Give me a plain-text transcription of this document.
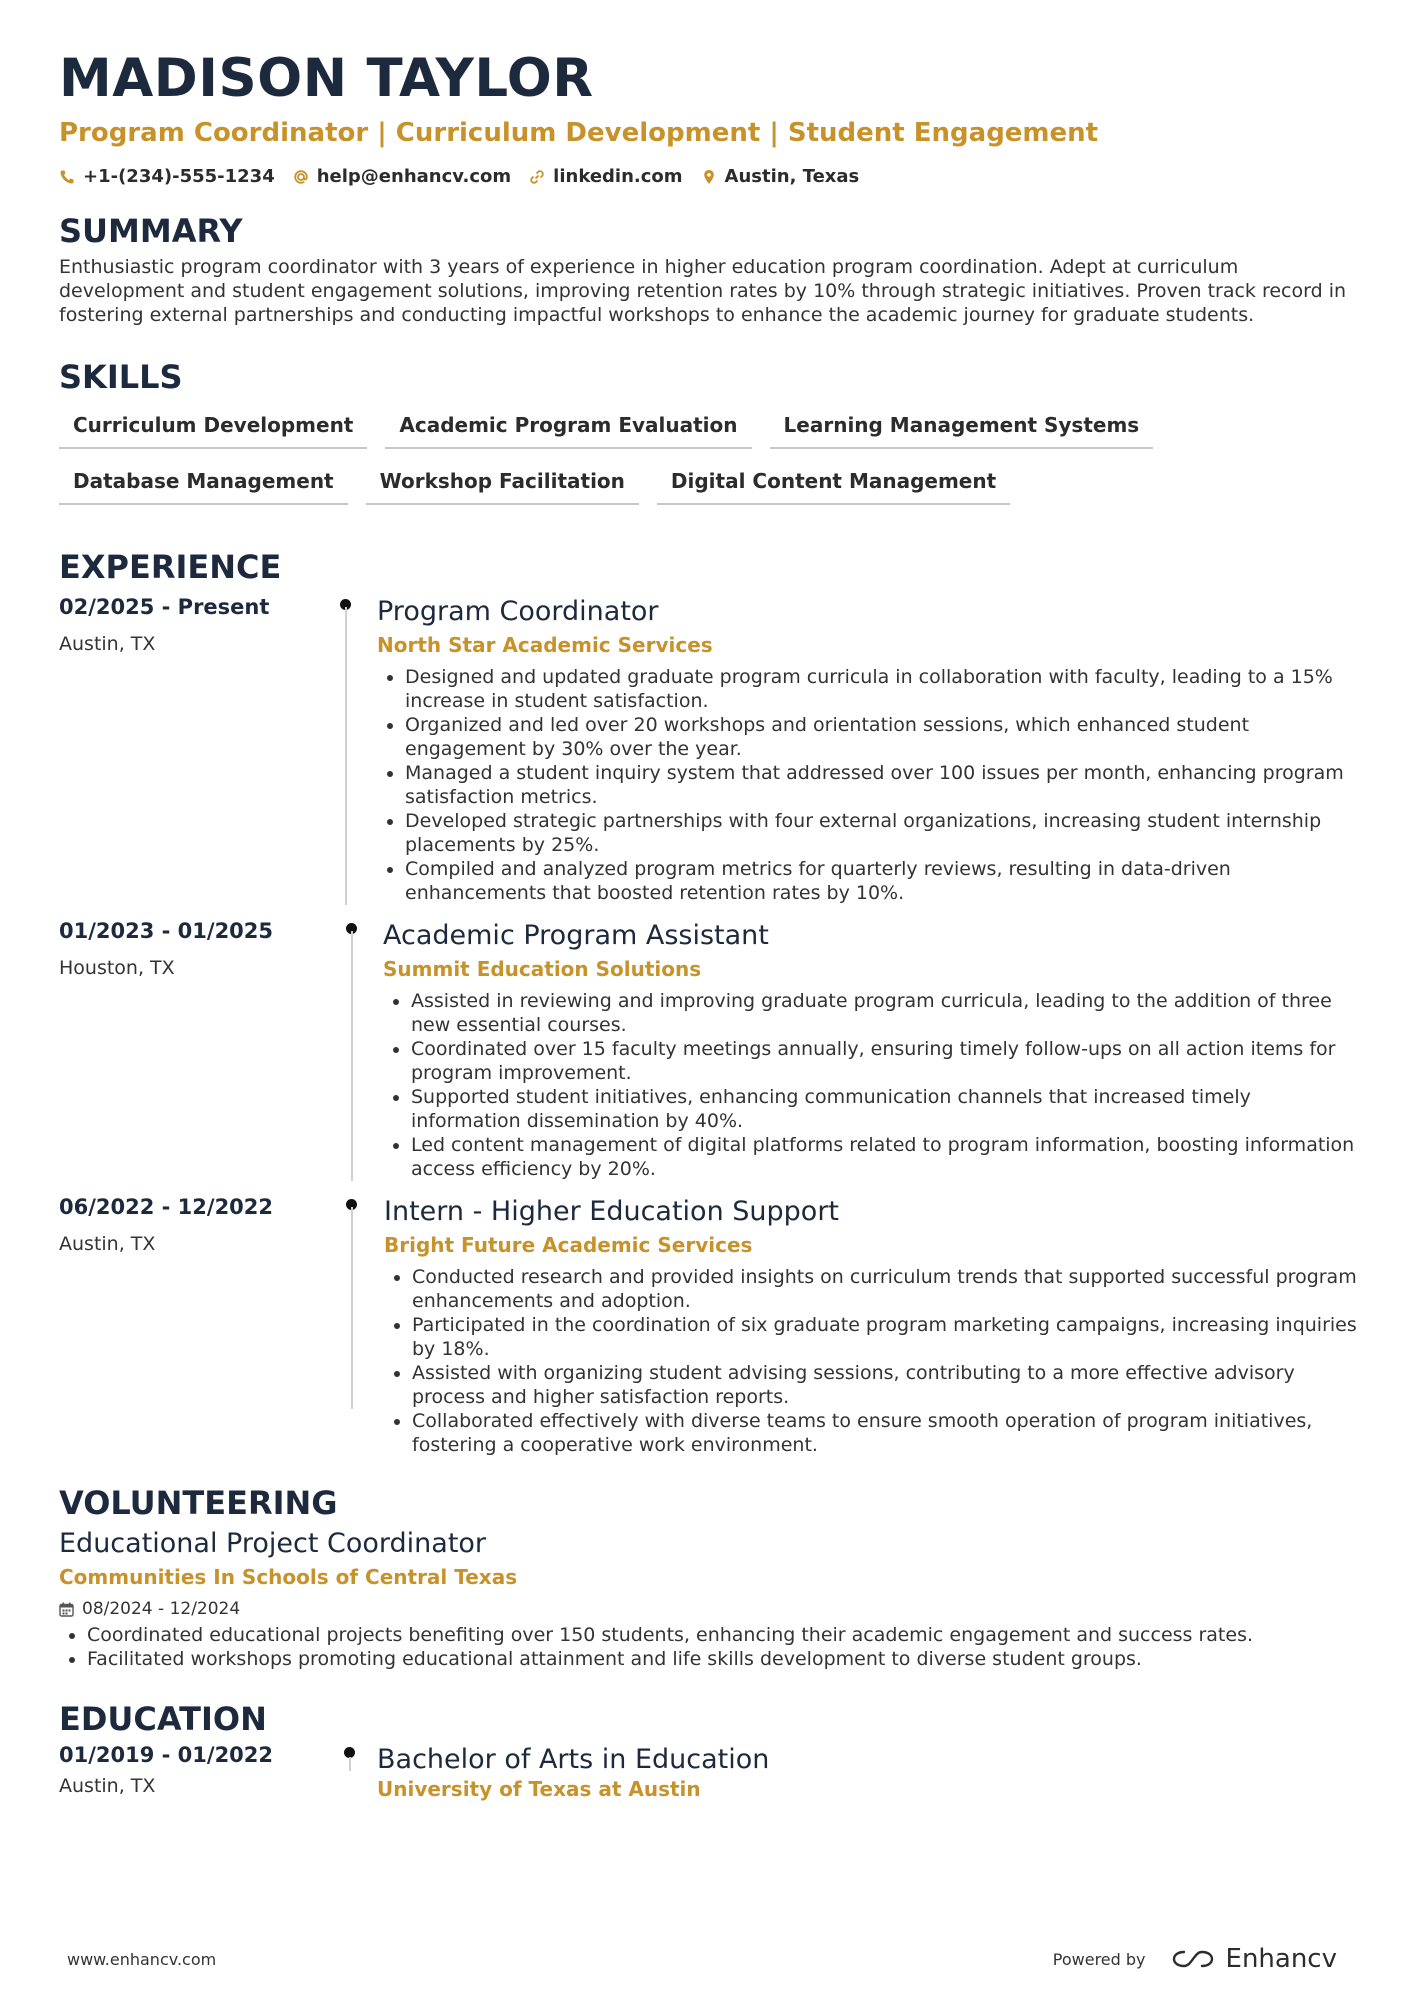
MADISON TAYLOR
Program Coordinator | Curriculum Development | Student Engagement
+1-(234)-555-1234 help@enhancv.com linkedin.com Austin, Texas
SUMMARY
Enthusiastic program coordinator with 3 years of experience in higher education program coordination. Adept at curriculum development and student engagement solutions, improving retention rates by 10% through strategic initiatives. Proven track record in fostering external partnerships and conducting impactful workshops to enhance the academic journey for graduate students.
SKILLS
Curriculum Development	Academic Program Evaluation	Learning Management Systems
Database Management	Workshop Facilitation	Digital Content Management
EXPERIENCE
02/2025 - Present
Austin, TX
Program Coordinator
North Star Academic Services
• Designed and updated graduate program curricula in collaboration with faculty, leading to a 15% increase in student satisfaction.
• Organized and led over 20 workshops and orientation sessions, which enhanced student engagement by 30% over the year.
• Managed a student inquiry system that addressed over 100 issues per month, enhancing program satisfaction metrics.
• Developed strategic partnerships with four external organizations, increasing student internship placements by 25%.
• Compiled and analyzed program metrics for quarterly reviews, resulting in data-driven enhancements that boosted retention rates by 10%.
01/2023 - 01/2025
Houston, TX
Academic Program Assistant
Summit Education Solutions
• Assisted in reviewing and improving graduate program curricula, leading to the addition of three new essential courses.
• Coordinated over 15 faculty meetings annually, ensuring timely follow-ups on all action items for program improvement.
• Supported student initiatives, enhancing communication channels that increased timely information dissemination by 40%.
• Led content management of digital platforms related to program information, boosting information access efficiency by 20%.
06/2022 - 12/2022
Austin, TX
Intern - Higher Education Support
Bright Future Academic Services
• Conducted research and provided insights on curriculum trends that supported successful program enhancements and adoption.
• Participated in the coordination of six graduate program marketing campaigns, increasing inquiries by 18%.
• Assisted with organizing student advising sessions, contributing to a more effective advisory process and higher satisfaction reports.
• Collaborated effectively with diverse teams to ensure smooth operation of program initiatives, fostering a cooperative work environment.
VOLUNTEERING
Educational Project Coordinator
Communities In Schools of Central Texas
08/2024 - 12/2024
• Coordinated educational projects benefiting over 150 students, enhancing their academic engagement and success rates.
• Facilitated workshops promoting educational attainment and life skills development to diverse student groups.
EDUCATION
01/2019 - 01/2022
Austin, TX
Bachelor of Arts in Education
University of Texas at Austin
www.enhancv.com	Powered by	Enhancv
